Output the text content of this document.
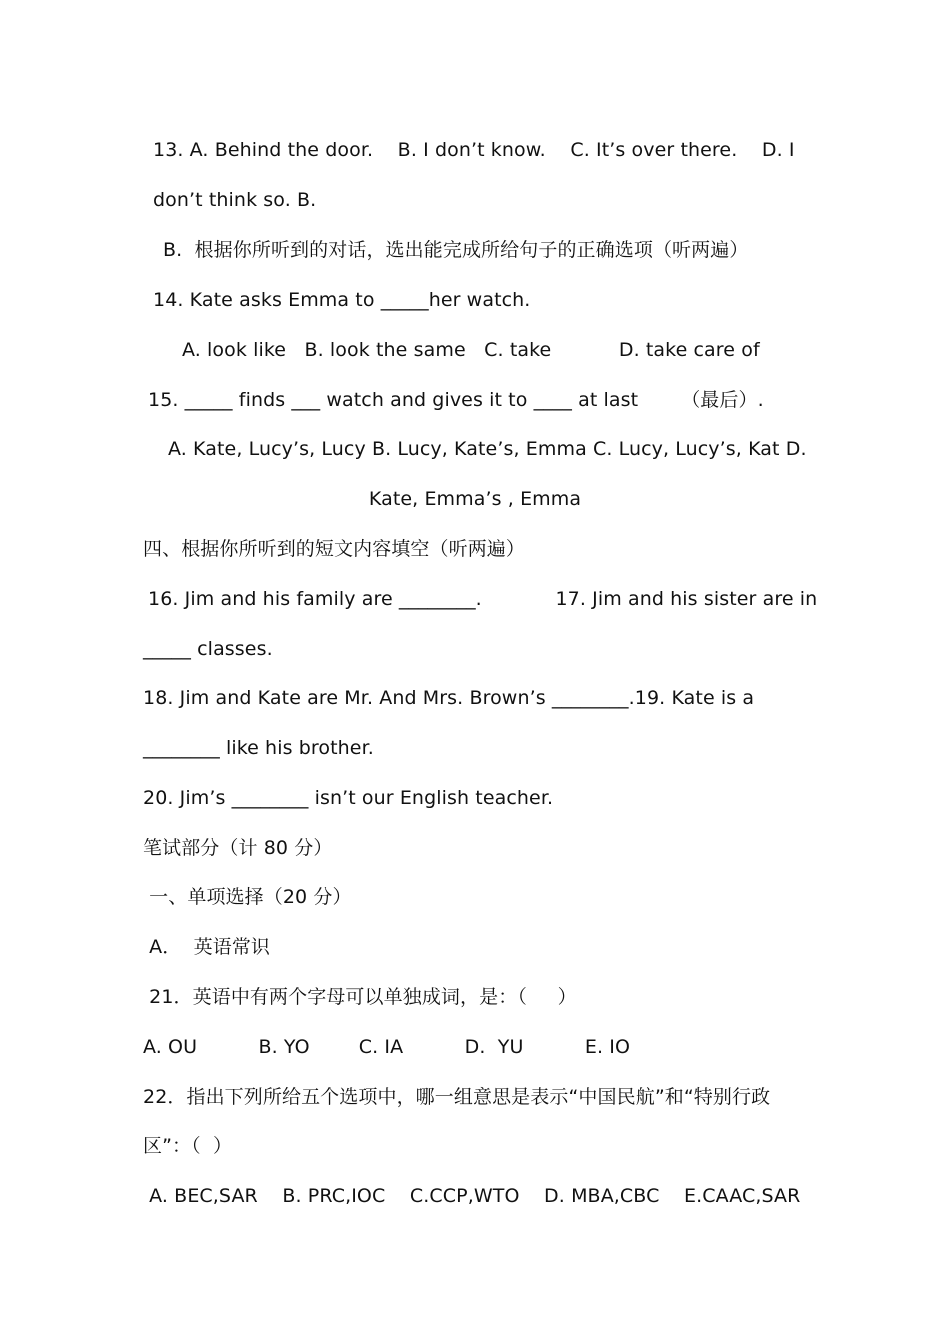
13. A. Behind the door.    B. I don’t know.    C. It’s over there.    D. I
don’t think so. B.
B.  根据你所听到的对话，选出能完成所给句子的正确选项（听两遍）
14. Kate asks Emma to _____her watch.
A. look like   B. look the same   C. take           D. take care of
15. _____ finds ___ watch and gives it to ____ at last       （最后）.
A. Kate, Lucy’s, Lucy B. Lucy, Kate’s, Emma C. Lucy, Lucy’s, Kat D.
Kate, Emma’s , Emma
四、根据你所听到的短文内容填空（听两遍）
16. Jim and his family are ________.            17. Jim and his sister are in
_____ classes.
18. Jim and Kate are Mr. And Mrs. Brown’s ________.19. Kate is a
________ like his brother.
20. Jim’s ________ isn’t our English teacher.
笔试部分（计 80 分）
一、单项选择（20 分）
A．  英语常识
21．英语中有两个字母可以单独成词，是：（     ）
A. OU          B. YO        C. IA          D.  YU          E. IO
22．指出下列所给五个选项中，哪一组意思是表示“中国民航”和“特别行政
区”：（  ）
A. BEC,SAR    B. PRC,IOC    C.CCP,WTO    D. MBA,CBC    E.CAAC,SAR
